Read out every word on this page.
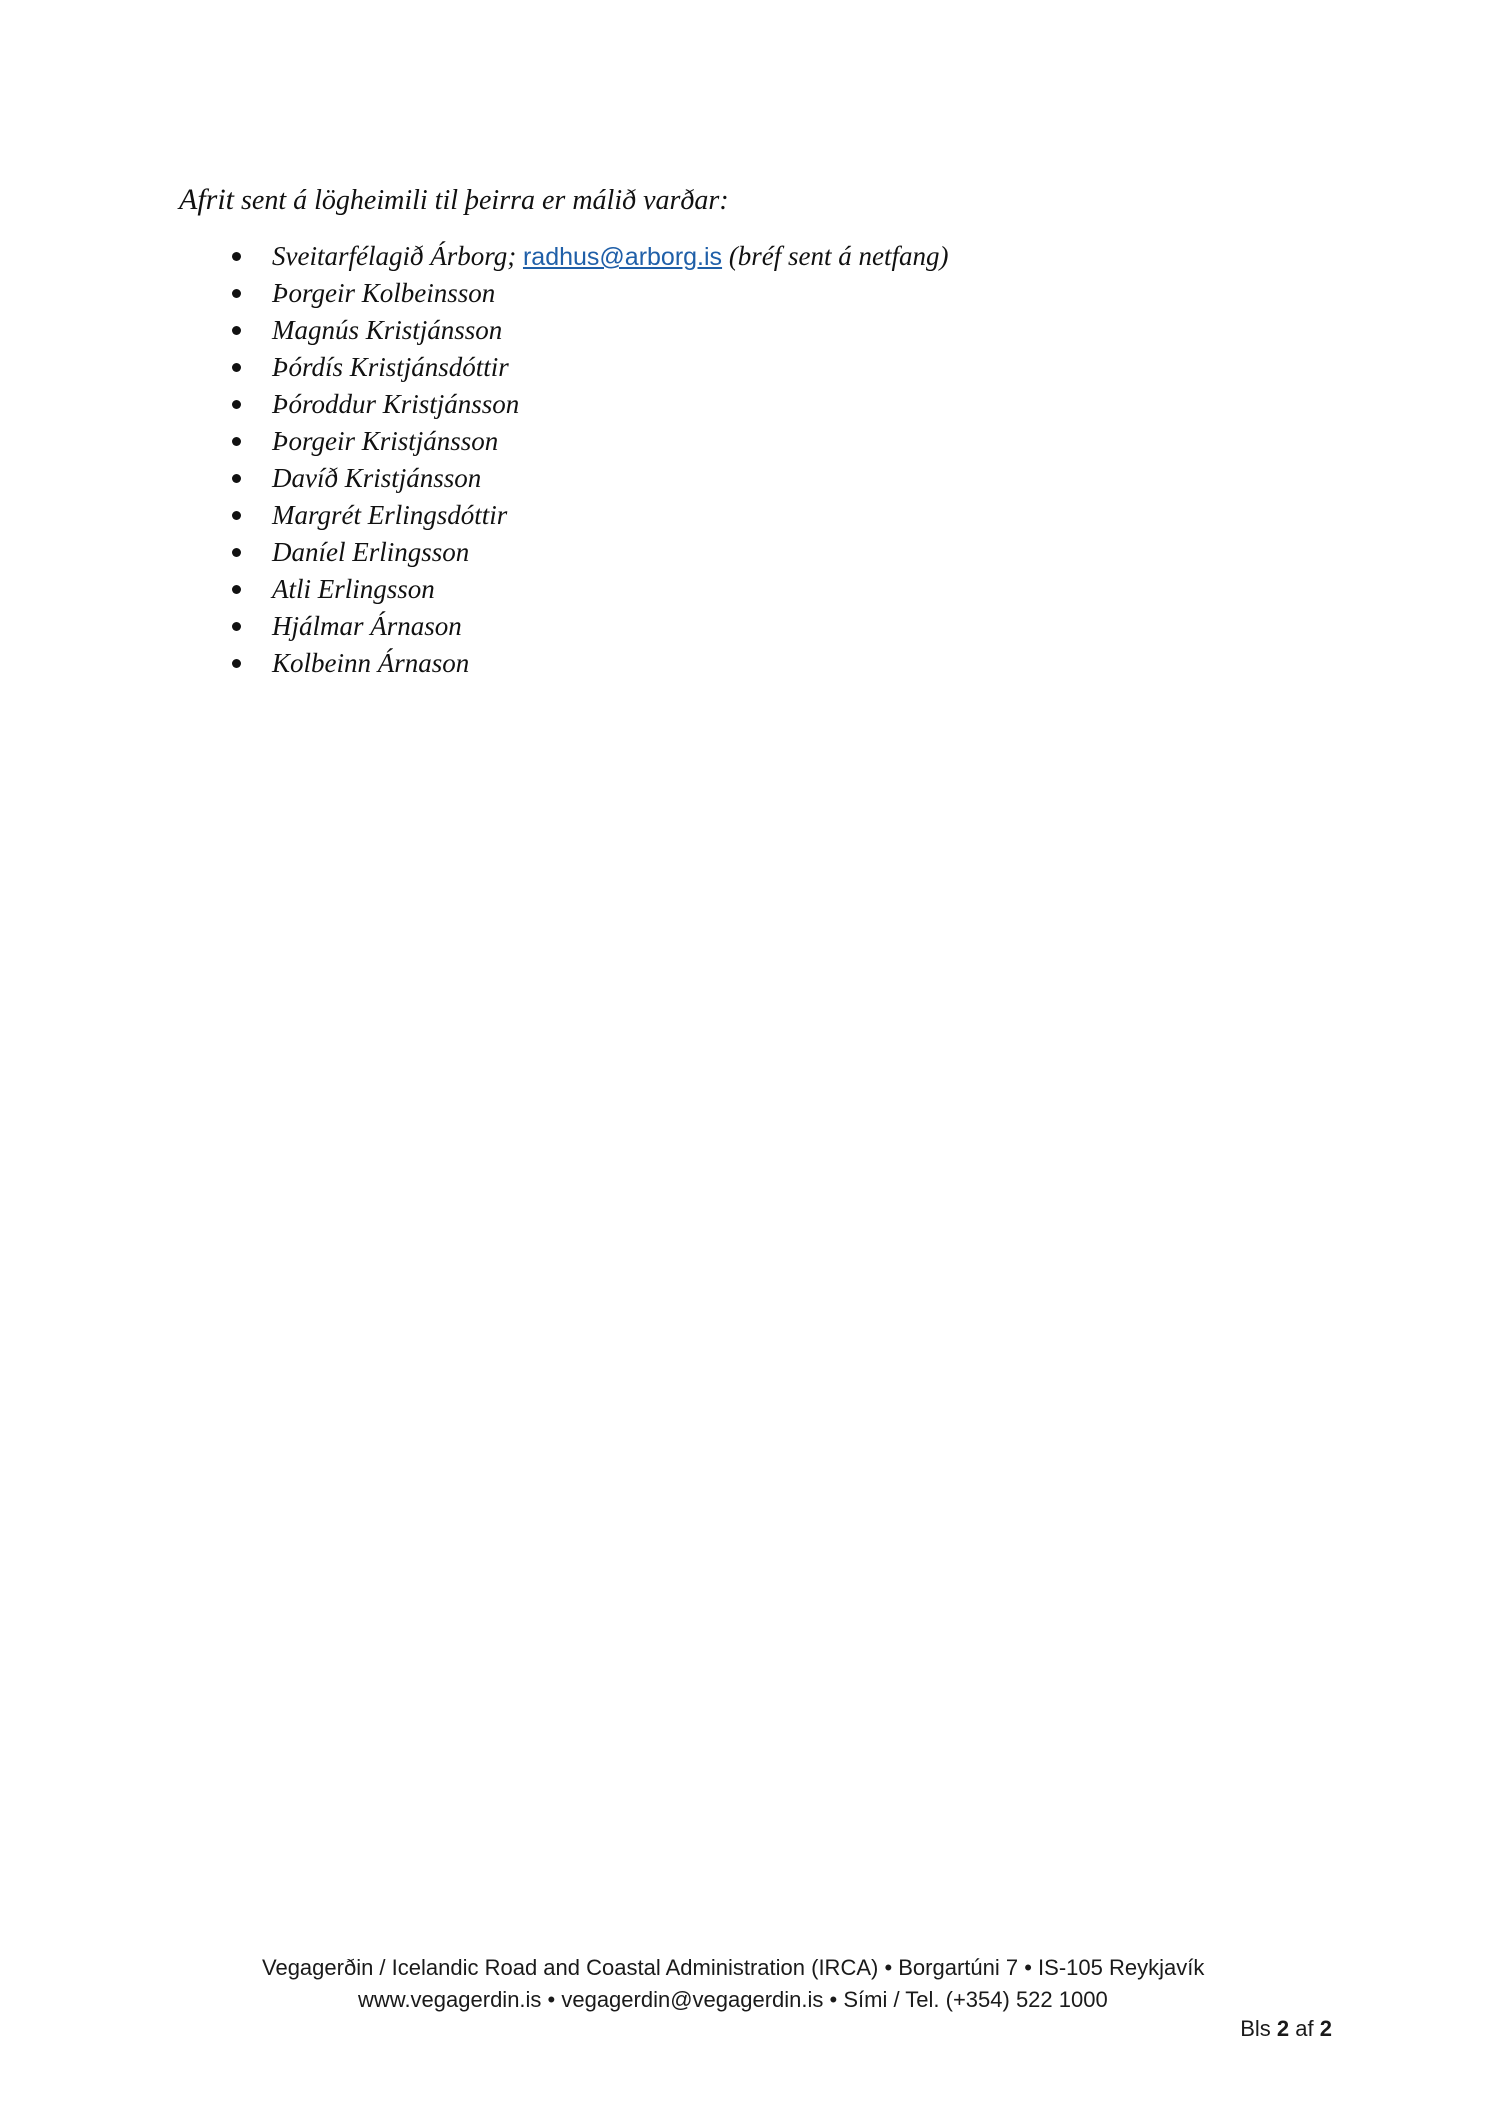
Afrit sent á lögheimili til þeirra er málið varðar:
Sveitarfélagið Árborg; radhus@arborg.is (bréf sent á netfang)
Þorgeir Kolbeinsson
Magnús Kristjánsson
Þórdís Kristjánsdóttir
Þóroddur Kristjánsson
Þorgeir Kristjánsson
Davíð Kristjánsson
Margrét Erlingsdóttir
Daníel Erlingsson
Atli Erlingsson
Hjálmar Árnason
Kolbeinn Árnason
Vegagerðin / Icelandic Road and Coastal Administration (IRCA) • Borgartúni 7 • IS-105 Reykjavík
www.vegagerdin.is • vegagerdin@vegagerdin.is • Sími / Tel. (+354) 522 1000
Bls 2 af 2
